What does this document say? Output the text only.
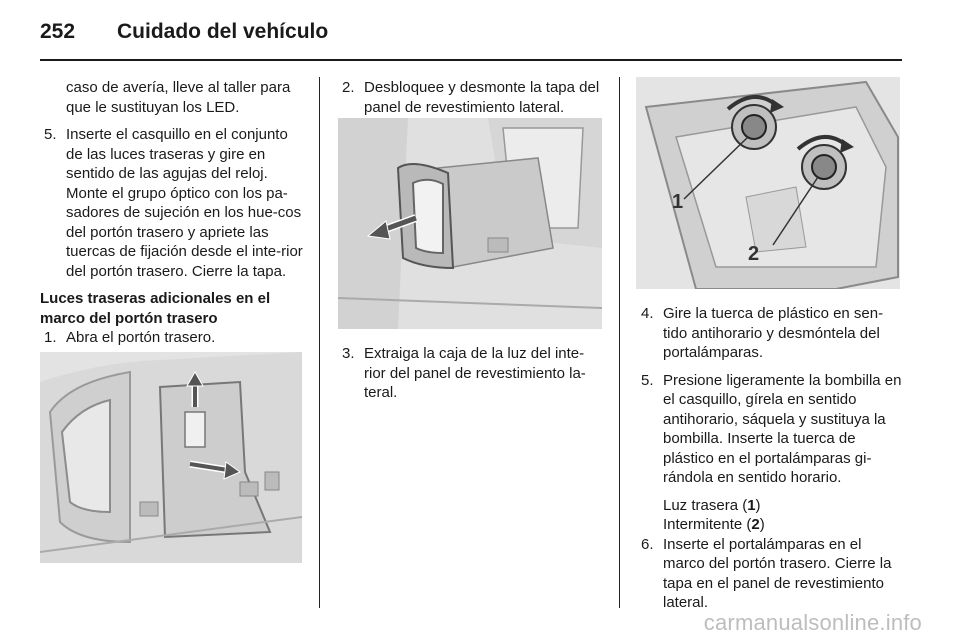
252 Cuidado del vehículo

caso de avería, lleve al taller para que le sustituyan los LED.

5. Inserte el casquillo en el conjunto de las luces traseras y gire en sentido de las agujas del reloj. Monte el grupo óptico con los pa-sadores de sujeción en los hue-cos del portón trasero y apriete las tuercas de fijación desde el inte-rior del portón trasero. Cierre la tapa.

Luces traseras adicionales en el marco del portón trasero

1. Abra el portón trasero.

2. Desbloquee y desmonte la tapa del panel de revestimiento lateral.

3. Extraiga la caja de la luz del inte-rior del panel de revestimiento la-teral.

1
2
4. Gire la tuerca de plástico en sen-tido antihorario y desmóntela del portalámparas.

5. Presione ligeramente la bombilla en el casquillo, gírela en sentido antihorario, sáquela y sustituya la bombilla. Inserte la tuerca de plástico en el portalámparas gi-rándola en sentido horario.

Luz trasera (1)

Intermitente (2)

6. Inserte el portalámparas en el marco del portón trasero. Cierre la tapa en el panel de revestimiento lateral.

carmanualsonline.info
